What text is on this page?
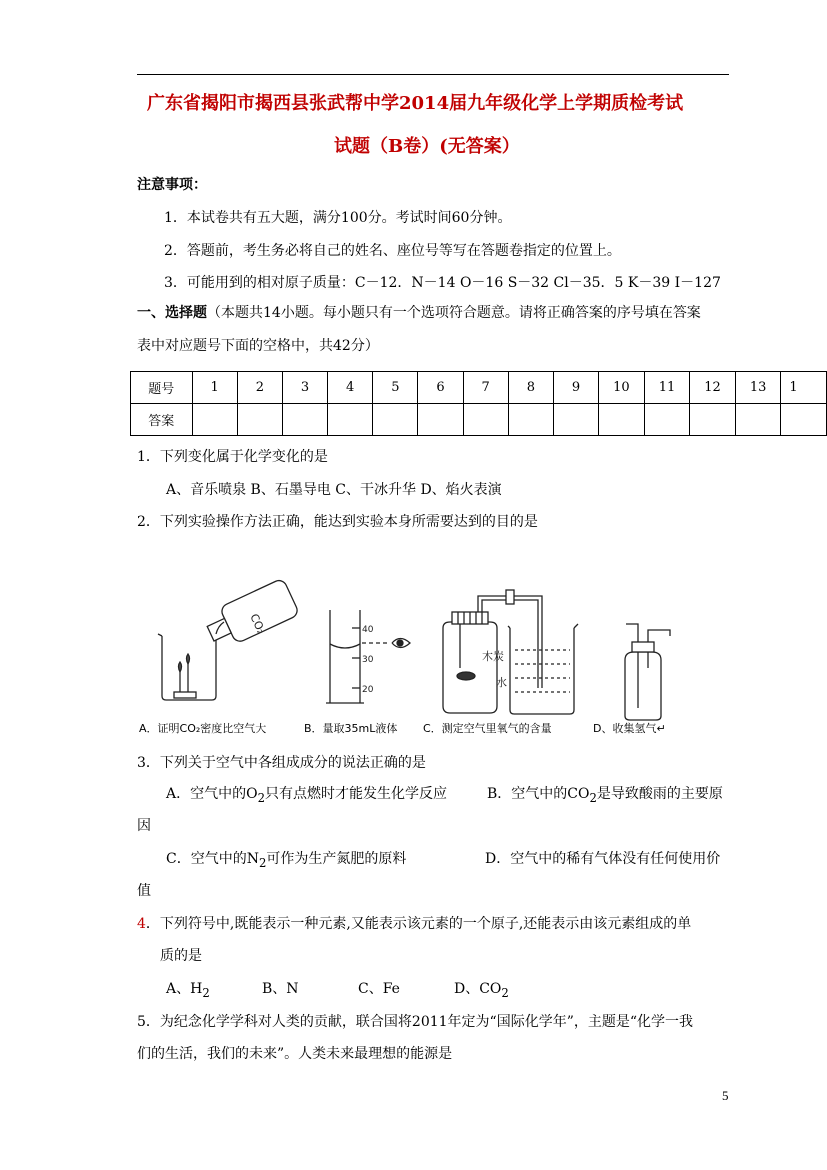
广东省揭阳市揭西县张武帮中学2014届九年级化学上学期质检考试
试题（B卷）(无答案）
注意事项：
1．本试卷共有五大题，满分100分。考试时间60分钟。
2．答题前，考生务必将自己的姓名、座位号等写在答题卷指定的位置上。
3．可能用到的相对原子质量：C－12．N－14 O－16 S－32 Cl－35．5 K－39 I－127
一、选择题（本题共14小题。每小题只有一个选项符合题意。请将正确答案的序号填在答案
表中对应题号下面的空格中，共42分）
题号	1	2	3	4	5	6	7	8	9	10	11	12	13	1
答案														
1．下列变化属于化学变化的是
A、音乐喷泉 B、石墨导电 C、干冰升华 D、焰火表演
2．下列实验操作方法正确，能达到实验本身所需要达到的目的是
40
30
20
CO₂
木炭
水
A．证明CO₂密度比空气大	B．量取35mL液体 C．测定空气里氧气的含量	D、收集氢气↵
3．下列关于空气中各组成成分的说法正确的是
A．空气中的$O_2$只有点燃时才能发生化学反应	B．空气中的$CO_2$是导致酸雨的主要原
因
C．空气中的$N_2$可作为生产氮肥的原料	D．空气中的稀有气体没有任何使用价
值
4．下列符号中,既能表示一种元素,又能表示该元素的一个原子,还能表示由该元素组成的单
质的是
A、$H_2$	B、N	C、Fe	D、$CO_2$
5．为纪念化学学科对人类的贡献，联合国将2011年定为“国际化学年”，主题是“化学一我
们的生活，我们的未来”。人类未来最理想的能源是
5
